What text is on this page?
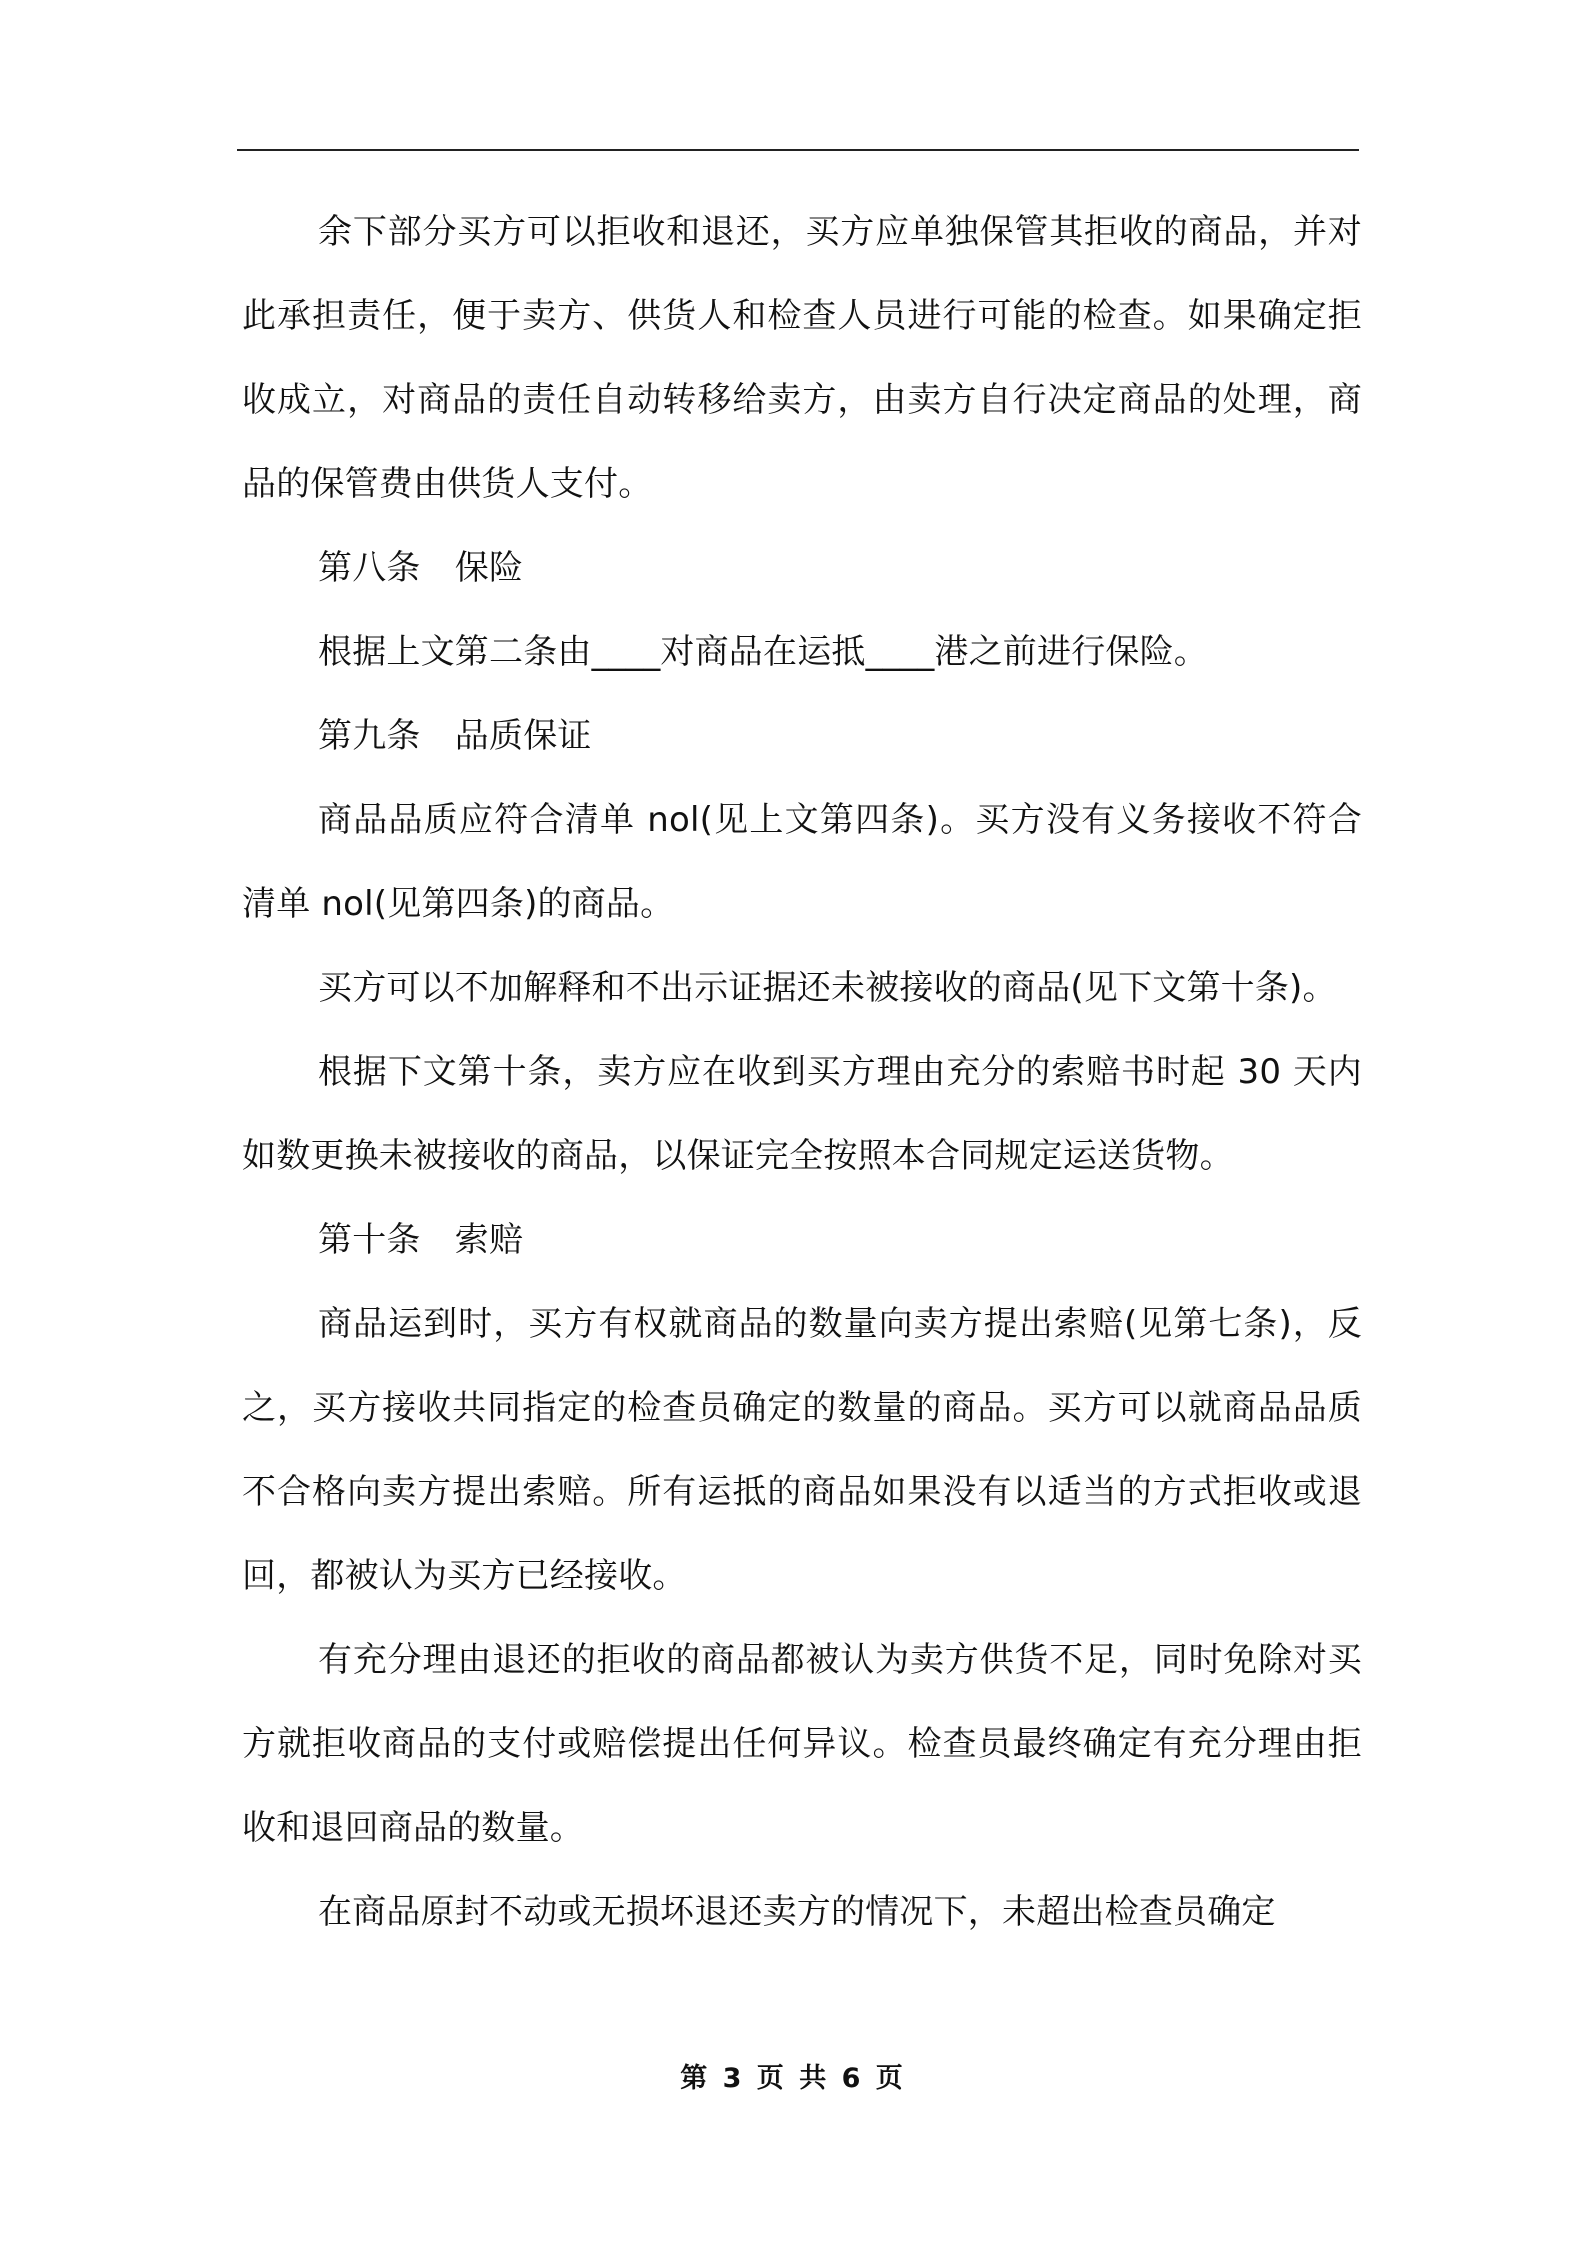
余下部分买方可以拒收和退还，买方应单独保管其拒收的商品，并对此承担责任，便于卖方、供货人和检查人员进行可能的检查。如果确定拒收成立，对商品的责任自动转移给卖方，由卖方自行决定商品的处理，商品的保管费由供货人支付。

第八条　保险

根据上文第二条由____对商品在运抵____港之前进行保险。

第九条　品质保证

商品品质应符合清单 nol(见上文第四条)。买方没有义务接收不符合清单 nol(见第四条)的商品。

买方可以不加解释和不出示证据还未被接收的商品(见下文第十条)。

根据下文第十条，卖方应在收到买方理由充分的索赔书时起 30 天内如数更换未被接收的商品，以保证完全按照本合同规定运送货物。

第十条　索赔

商品运到时，买方有权就商品的数量向卖方提出索赔(见第七条)，反之，买方接收共同指定的检查员确定的数量的商品。买方可以就商品品质不合格向卖方提出索赔。所有运抵的商品如果没有以适当的方式拒收或退回，都被认为买方已经接收。

有充分理由退还的拒收的商品都被认为卖方供货不足，同时免除对买方就拒收商品的支付或赔偿提出任何异议。检查员最终确定有充分理由拒收和退回商品的数量。

在商品原封不动或无损坏退还卖方的情况下，未超出检查员确定

第 3 页 共 6 页
